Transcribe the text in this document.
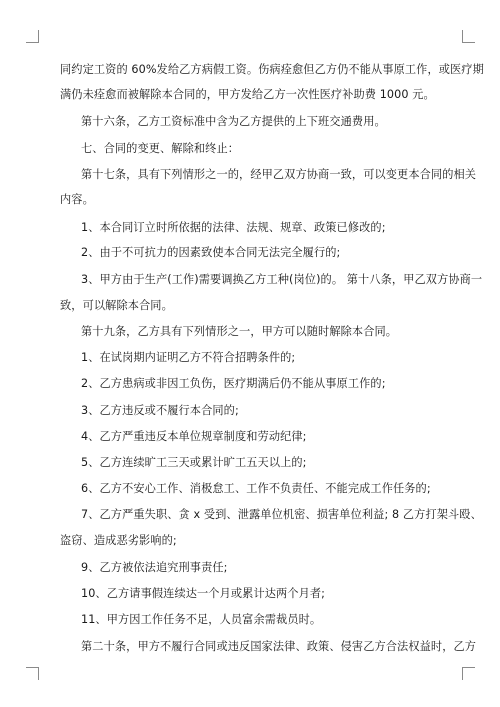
同约定工资的 60%发给乙方病假工资。伤病痊愈但乙方仍不能从事原工作，或医疗期
满仍未痊愈而被解除本合同的，甲方发给乙方一次性医疗补助费 1000 元。
第十六条，乙方工资标准中含为乙方提供的上下班交通费用。
七、合同的变更、解除和终止：
第十七条，具有下列情形之一的，经甲乙双方协商一致，可以变更本合同的相关
内容。
1、本合同订立时所依据的法律、法规、规章、政策已修改的;
2、由于不可抗力的因素致使本合同无法完全履行的;
3、甲方由于生产(工作)需要调换乙方工种(岗位)的。 第十八条，甲乙双方协商一
致，可以解除本合同。
第十九条，乙方具有下列情形之一，甲方可以随时解除本合同。
1、在试岗期内证明乙方不符合招聘条件的;
2、乙方患病或非因工负伤，医疗期满后仍不能从事原工作的;
3、乙方违反或不履行本合同的;
4、乙方严重违反本单位规章制度和劳动纪律;
5、乙方连续旷工三天或累计旷工五天以上的;
6、乙方不安心工作、消极怠工、工作不负责任、不能完成工作任务的;
7、乙方严重失职、贪 x 受到、泄露单位机密、损害单位利益; 8 乙方打架斗殴、
盗窃、造成恶劣影响的;
9、乙方被依法追究刑事责任;
10、乙方请事假连续达一个月或累计达两个月者;
11、甲方因工作任务不足，人员富余需裁员时。
第二十条，甲方不履行合同或违反国家法律、政策、侵害乙方合法权益时，乙方
